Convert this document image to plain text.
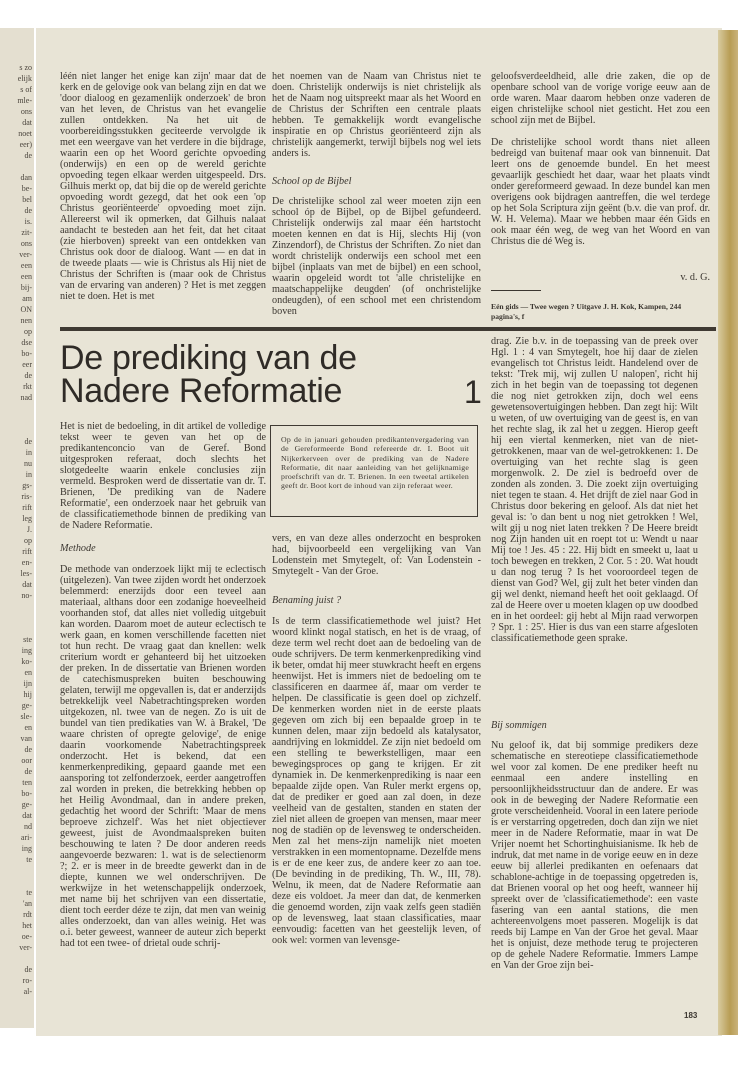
s zo
elijk
s of
mle-
ons
dat
noet
eer)
de
dan
be-
bel
de
is.
zit-
ons
ver-
een
een
bij-
am
ON
nen
op
dse
bo-
eer
de
rkt
nad
de
in
nu
in
gs-
ris-
rift
leg
J.
op
rift
en-
les-
dat
no-
ste
ing
ko-
en
ijn
hij
ge-
sle-
en
van
de
oor
de
ten
bo-
ge-
dat
nd
ari-
ing
te
te
'an
rdt
het
oe-
ver-
de
ro-
al-

léén niet langer het enige kan zijn' maar dat de kerk en de gelovige ook van belang zijn en dat we 'door dialoog en gezamenlijk onderzoek' de bron van het leven, de Christus van het evangelie zullen ontdekken. Na het uit de voorbereidingsstukken geciteerde vervolgde ik met een weergave van het verdere in die bijdrage, waarin een op het Woord gerichte opvoeding (onderwijs) en een op de wereld gerichte opvoeding tegen elkaar werden uitgespeeld. Drs. Gilhuis merkt op, dat bij die op de wereld gerichte opvoeding wordt gezegd, dat het ook een 'op Christus georiënteerde' opvoeding moet zijn. Allereerst wil ik opmerken, dat Gilhuis nalaat aandacht te besteden aan het feit, dat het citaat (zie hierboven) spreekt van een ontdekken van Christus ook door de dialoog. Want — en dat in de tweede plaats — wie is Christus als Hij niet de Christus der Schriften is (maar ook de Christus van de ervaring van anderen) ? Het is met zeggen niet te doen. Het is met

het noemen van de Naam van Christus niet te doen. Christelijk onderwijs is niet christelijk als het de Naam nog uitspreekt maar als het Woord en de Christus der Schriften een centrale plaats hebben. Te gemakkelijk wordt evangelische inspiratie en op Christus georiënteerd zijn als christelijk aangemerkt, terwijl bijbels nog wel iets anders is.

School op de Bijbel

De christelijke school zal weer moeten zijn een school óp de Bijbel, op de Bijbel gefundeerd. Christelijk onderwijs zal maar één hartstocht moeten kennen en dat is Hij, slechts Hij (von Zinzendorf), de Christus der Schriften. Zo niet dan wordt christelijk onderwijs een school met een bijbel (inplaats van met de bijbel) en een school, waarin opgeleid wordt tot 'alle christelijke en maatschappelijke deugden' (of onchristelijke ondeugden), of een school met een christendom boven

geloofsverdeeldheid, alle drie zaken, die op de openbare school van de vorige vorige eeuw aan de orde waren. Maar daarom hebben onze vaderen de eigen christelijke school niet gesticht. Het zou een school zijn met de Bijbel.

De christelijke school wordt thans niet alleen bedreigd van buitenaf maar ook van binnenuit. Dat leert ons de genoemde bundel. En het meest gevaarlijk geschiedt het daar, waar het plaats vindt onder gereformeerd gewaad. In deze bundel kan men overigens ook bijdragen aantreffen, die wel terdege op het Sola Scriptura zijn geënt (b.v. die van prof. dr. W. H. Velema). Maar we hebben maar één Gids en ook maar één weg, de weg van het Woord en van Christus die dé Weg is.

v. d. G.

Eén gids — Twee wegen ? Uitgave J. H. Kok, Kampen, 244 pagina's, f

De prediking van de
Nadere Reformatie	1

Op de in januari gehouden predikantenvergadering van de Gereformeerde Bond refereerde dr. I. Boot uit Nijkerkerveen over de prediking van de Nadere Reformatie, dit naar aanleiding van het gelijknamige proefschrift van dr. T. Brienen. In een tweetal artikelen geeft dr. Boot kort de inhoud van zijn referaat weer.

Het is niet de bedoeling, in dit artikel de volledige tekst weer te geven van het op de predikantenconcio van de Geref. Bond uitgesproken referaat, doch slechts het slotgedeelte waarin enkele conclusies zijn vermeld. Besproken werd de dissertatie van dr. T. Brienen, 'De prediking van de Nadere Reformatie', een onderzoek naar het gebruik van de classificatiemethode binnen de prediking van de Nadere Reformatie.

Methode

De methode van onderzoek lijkt mij te eclectisch (uitgelezen). Van twee zijden wordt het onderzoek belemmerd: enerzijds door een teveel aan materiaal, althans door een zodanige hoeveelheid voorhanden stof, dat alles niet volledig uitgebuit kan worden. Daarom moet de auteur eclectisch te werk gaan, en komen verschillende facetten niet tot hun recht. De vraag gaat dan knellen: welk criterium wordt er gehanteerd bij het uitzoeken der preken. In de dissertatie van Brienen worden de catechismuspreken buiten beschouwing gelaten, terwijl me opgevallen is, dat er anderzijds betrekkelijk veel Nabetrachtingspreken worden uitgekozen, nl. twee van de negen. Zo is uit de bundel van tien predikaties van W. à Brakel, 'De waare christen of opregte gelovige', de enige daarin voorkomende Nabetrachtingspreek onderzocht. Het is bekend, dat een kenmerkenprediking, gepaard gaande met een aansporing tot zelfonderzoek, eerder aangetroffen zal worden in preken, die betrekking hebben op het Heilig Avondmaal, dan in andere preken, gedachtig het woord der Schrift: 'Maar de mens beproeve zichzelf'. Was het niet objectiever geweest, juist de Avondmaalspreken buiten beschouwing te laten ? De door anderen reeds aangevoerde bezwaren: 1. wat is de selectienorm ?; 2. er is meer in de breedte gewerkt dan in de diepte, kunnen we wel onderschrijven. De werkwijze in het wetenschappelijk onderzoek, met name bij het schrijven van een dissertatie, dient toch eerder déze te zijn, dat men van weinig alles onderzoekt, dan van alles weinig. Het was o.i. beter geweest, wanneer de auteur zich beperkt had tot een twee- of drietal oude schrij-

vers, en van deze alles onderzocht en besproken had, bijvoorbeeld een vergelijking van Van Lodenstein met Smytegelt, of: Van Lodenstein - Smytegelt - Van der Groe.

Benaming juist ?

Is de term classificatiemethode wel juist? Het woord klinkt nogal statisch, en het is de vraag, of deze term wel recht doet aan de bedoeling van de oude schrijvers. De term kenmerkenprediking vind ik beter, omdat hij meer stuwkracht heeft en ergens heenwijst. Het is immers niet de bedoeling om te classificeren en daarmee áf, maar om verder te helpen. De classificatie is geen doel op zichzelf. De kenmerken worden niet in de eerste plaats gegeven om zich bij een bepaalde groep in te kunnen delen, maar zijn bedoeld als katalysator, aandrijving en lokmiddel. Ze zijn niet bedoeld om een stelling te bewerkstelligen, maar een bewegingsproces op gang te krijgen. Er zit dynamiek in. De kenmerkenprediking is naar een bepaalde zijde open. Van Ruler merkt ergens op, dat de prediker er goed aan zal doen, in deze veelheid van de gestalten, standen en staten der ziel niet alleen de groepen van mensen, maar meer nog de stadiën op de levensweg te onderscheiden. Men zal het mens-zijn namelijk niet moeten verstrakken in een momentopname. Dezelfde mens is er de ene keer zus, de andere keer zo aan toe. (De bevinding in de prediking, Th. W., III, 78). Welnu, ik meen, dat de Nadere Reformatie aan deze eis voldoet. Ja meer dan dat, de kenmerken die genoemd worden, zijn vaak zelfs geen stadiën op de levensweg, laat staan classificaties, maar eenvoudig: facetten van het geestelijk leven, of ook wel: vormen van levensge-

drag. Zie b.v. in de toepassing van de preek over Hgl. 1 : 4 van Smytegelt, hoe hij daar de zielen evangelisch tot Christus leidt. Handelend over de tekst: 'Trek mij, wij zullen U nalopen', richt hij zich in het begin van de toepassing tot degenen die nog niet getrokken zijn, doch wel eens gewetensovertuigingen hebben. Dan zegt hij: Wilt u weten, of uw overtuiging van de geest is, en van het rechte slag, ik zal het u zeggen. Hierop geeft hij een viertal kenmerken, niet van de niet-getrokkenen, maar van de wel-getrokkenen: 1. De overtuiging van het rechte slag is geen morgenwolk. 2. De ziel is bedroefd over de zonden als zonden. 3. Die zoekt zijn overtuiging niet tegen te staan. 4. Het drijft de ziel naar God in Christus door bekering en geloof. Als dat niet het geval is: 'o dan bent u nog niet getrokken ! Wel, wilt gij u nog niet laten trekken ? De Heere breidt nog Zijn handen uit en roept tot u: Wendt u naar Mij toe ! Jes. 45 : 22. Hij bidt en smeekt u, laat u toch bewegen en trekken, 2 Cor. 5 : 20. Wat houdt u dan nog terug ? Is het vooroordeel tegen de dienst van God? Wel, gij zult het beter vinden dan gij wel denkt, niemand heeft het ooit geklaagd. Of zal de Heere over u moeten klagen op uw doodbed en in het oordeel: gij hebt al Mijn raad verworpen ? Spr. 1 : 25'. Hier is dus van een starre afgesloten classificatiemethode geen sprake.

Bij sommigen

Nu geloof ik, dat bij sommige predikers deze schematische en stereotiepe classificatiemethode wel voor zal komen. De ene prediker heeft nu eenmaal een andere instelling en persoonlijkheidsstructuur dan de andere. Er was ook in de beweging der Nadere Reformatie een grote verscheidenheid. Vooral in een latere periode is er verstarring opgetreden, doch dan zijn we niet meer in de Nadere Reformatie, maar in wat De Vrijer noemt het Schortinghuisianisme. Ik heb de indruk, dat met name in de vorige eeuw en in deze eeuw bij allerlei predikanten en oefenaars dat schablone-achtige in de toepassing opgetreden is, dat Brienen vooral op het oog heeft, wanneer hij spreekt over de 'classificatiemethode': een vaste fasering van een aantal stations, die men achtereenvolgens moet passeren. Mogelijk is dat reeds bij Lampe en Van der Groe het geval. Maar het is onjuist, deze methode terug te projecteren op de gehele Nadere Reformatie. Immers Lampe en Van der Groe zijn bei-

183
